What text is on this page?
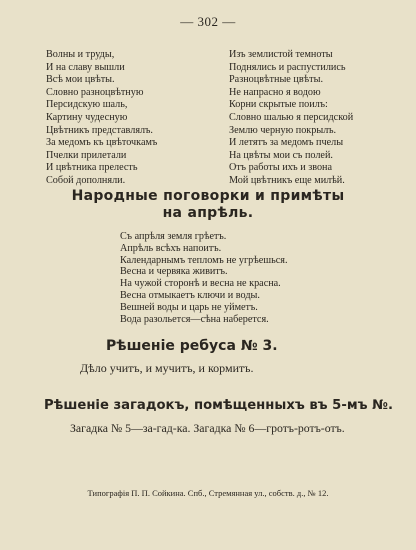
— 302 —
Волны и труды,
И на славу вышли
Всѣ мои цвѣты.
Словно разноцвѣтную
Персидскую шаль,
Картину чудесную
Цвѣтникъ представлялъ.
За медомъ къ цвѣточкамъ
Пчелки прилетали
И цвѣтника прелесть
Собой дополняли.
Изъ землистой темноты
Поднялись и распустились
Разноцвѣтные цвѣты.
Не напрасно я водою
Корни скрытые поилъ:
Словно шалью я персидской
Землю черную покрылъ.
И летятъ за медомъ пчелы
На цвѣты мои съ полей.
Отъ работы ихъ и звона
Мой цвѣтникъ еще милѣй.
Народные поговорки и примѣты
на апрѣль.
Съ апрѣля земля грѣетъ.
Апрѣль всѣхъ напоитъ.
Календарнымъ тепломъ не угрѣешься.
Весна и червяка живитъ.
На чужой сторонѣ и весна не красна.
Весна отмыкаетъ ключи и воды.
Вешней воды и царь не уйметъ.
Вода разольется—сѣна наберется.
Рѣшеніе ребуса № 3.
Дѣло учитъ, и мучитъ, и кормитъ.
Рѣшеніе загадокъ, помѣщенныхъ въ 5-мъ №.
Загадка № 5—за-гад-ка. Загадка № 6—гротъ-ротъ-отъ.
Типографія П. П. Сойкина. Спб., Стремянная ул., собств. д., № 12.
